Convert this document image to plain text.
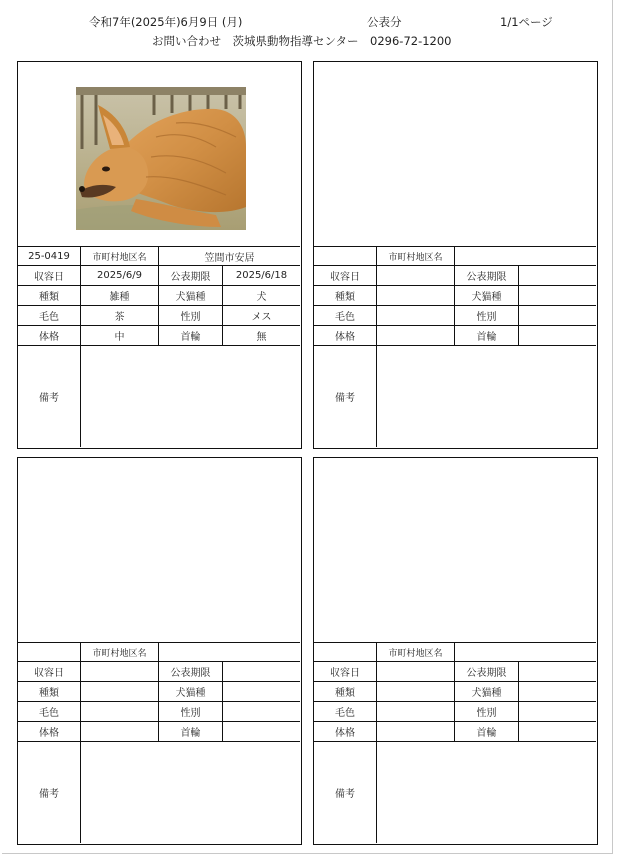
令和7年(2025年)6月9日 (月)	公表分	1/1ページ
お問い合わせ　茨城県動物指導センター　0296-72-1200
25-0419	市町村地区名	笠間市安居
収容日	2025/6/9	公表期限	2025/6/18
種類	雑種	犬猫種	犬
毛色	茶	性別	メス
体格	中	首輪	無
備考
市町村地区名
収容日	公表期限
種類	犬猫種
毛色	性別
体格	首輪
備考
市町村地区名
収容日	公表期限
種類	犬猫種
毛色	性別
体格	首輪
備考
市町村地区名
収容日	公表期限
種類	犬猫種
毛色	性別
体格	首輪
備考
